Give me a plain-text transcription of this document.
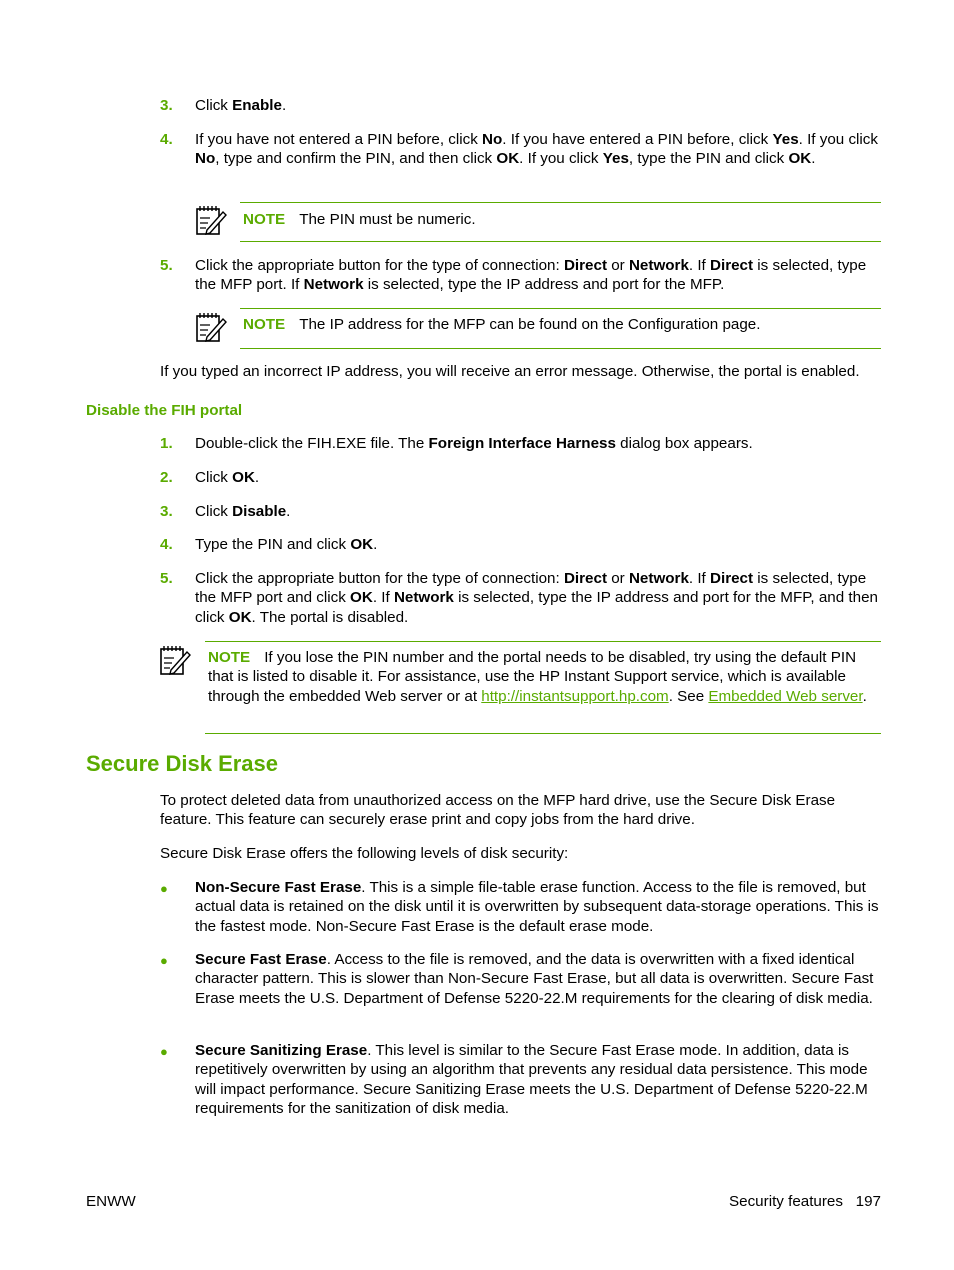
3.	Click Enable.
4.	If you have not entered a PIN before, click No. If you have entered a PIN before, click Yes. If you click No, type and confirm the PIN, and then click OK. If you click Yes, type the PIN and click OK.
NOTE The PIN must be numeric.
5.	Click the appropriate button for the type of connection: Direct or Network. If Direct is selected, type the MFP port. If Network is selected, type the IP address and port for the MFP.
NOTE The IP address for the MFP can be found on the Configuration page.
If you typed an incorrect IP address, you will receive an error message. Otherwise, the portal is enabled.
Disable the FIH portal
1.	Double-click the FIH.EXE file. The Foreign Interface Harness dialog box appears.
2.	Click OK.
3.	Click Disable.
4.	Type the PIN and click OK.
5.	Click the appropriate button for the type of connection: Direct or Network. If Direct is selected, type the MFP port and click OK. If Network is selected, type the IP address and port for the MFP, and then click OK. The portal is disabled.
NOTE If you lose the PIN number and the portal needs to be disabled, try using the default PIN that is listed to disable it. For assistance, use the HP Instant Support service, which is available through the embedded Web server or at http://instantsupport.hp.com. See Embedded Web server.
Secure Disk Erase
To protect deleted data from unauthorized access on the MFP hard drive, use the Secure Disk Erase feature. This feature can securely erase print and copy jobs from the hard drive.
Secure Disk Erase offers the following levels of disk security:
● Non-Secure Fast Erase. This is a simple file-table erase function. Access to the file is removed, but actual data is retained on the disk until it is overwritten by subsequent data-storage operations. This is the fastest mode. Non-Secure Fast Erase is the default erase mode.
● Secure Fast Erase. Access to the file is removed, and the data is overwritten with a fixed identical character pattern. This is slower than Non-Secure Fast Erase, but all data is overwritten. Secure Fast Erase meets the U.S. Department of Defense 5220-22.M requirements for the clearing of disk media.
● Secure Sanitizing Erase. This level is similar to the Secure Fast Erase mode. In addition, data is repetitively overwritten by using an algorithm that prevents any residual data persistence. This mode will impact performance. Secure Sanitizing Erase meets the U.S. Department of Defense 5220-22.M requirements for the sanitization of disk media.
ENWW	Security features 197
